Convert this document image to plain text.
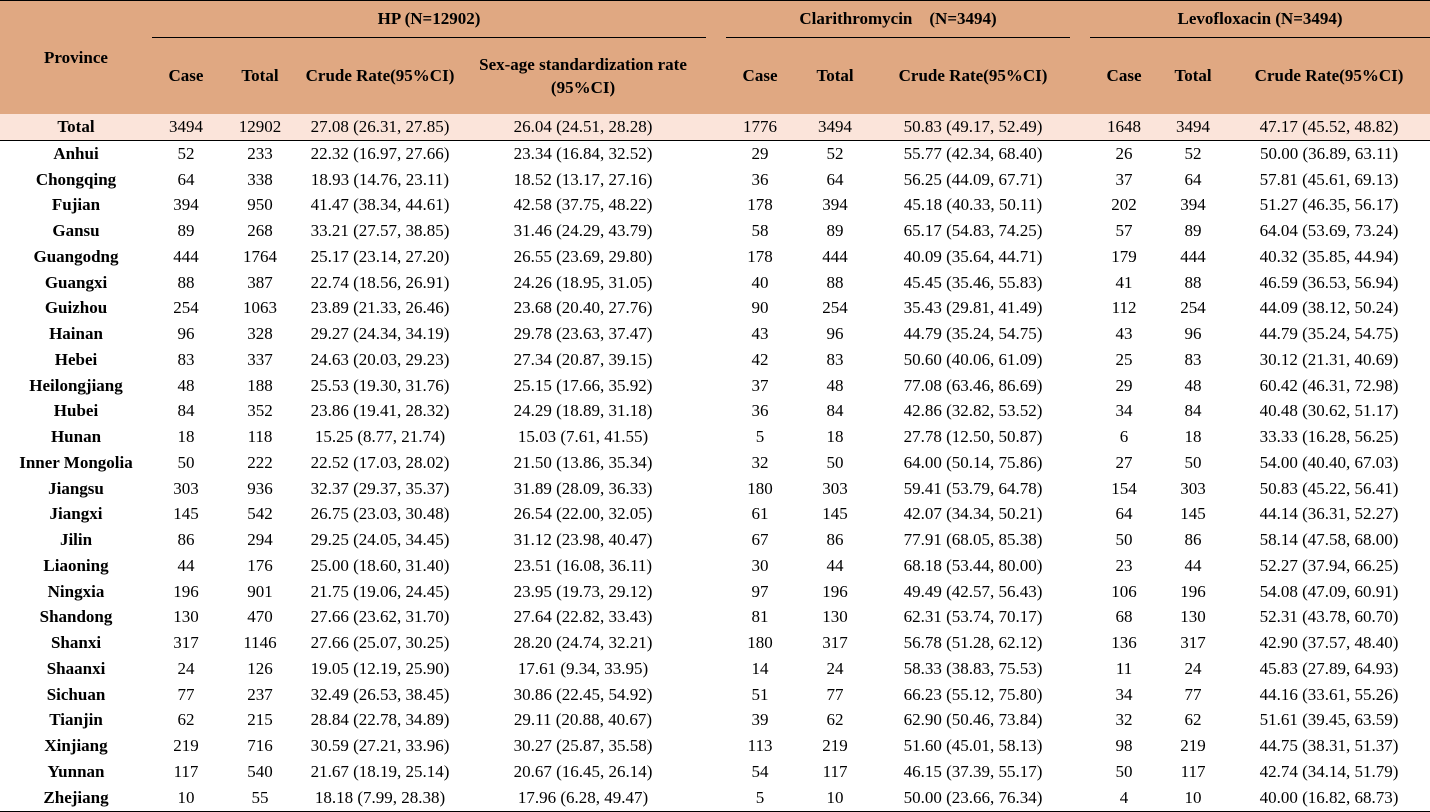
Province	HP (N=12902)					Clarithromycin    (N=3494)				Levofloxacin (N=3494)		
	Case	Total	Crude Rate(95%CI)	Sex-age standardization rate (95%CI)		Case	Total	Crude Rate(95%CI)		Case	Total	Crude Rate(95%CI)
Total	3494	12902	27.08 (26.31, 27.85)	26.04 (24.51, 28.28)		1776	3494	50.83 (49.17, 52.49)		1648	3494	47.17 (45.52, 48.82)
Anhui	52	233	22.32 (16.97, 27.66)	23.34 (16.84, 32.52)		29	52	55.77 (42.34, 68.40)		26	52	50.00 (36.89, 63.11)
Chongqing	64	338	18.93 (14.76, 23.11)	18.52 (13.17, 27.16)		36	64	56.25 (44.09, 67.71)		37	64	57.81 (45.61, 69.13)
Fujian	394	950	41.47 (38.34, 44.61)	42.58 (37.75, 48.22)		178	394	45.18 (40.33, 50.11)		202	394	51.27 (46.35, 56.17)
Gansu	89	268	33.21 (27.57, 38.85)	31.46 (24.29, 43.79)		58	89	65.17 (54.83, 74.25)		57	89	64.04 (53.69, 73.24)
Guangodng	444	1764	25.17 (23.14, 27.20)	26.55 (23.69, 29.80)		178	444	40.09 (35.64, 44.71)		179	444	40.32 (35.85, 44.94)
Guangxi	88	387	22.74 (18.56, 26.91)	24.26 (18.95, 31.05)		40	88	45.45 (35.46, 55.83)		41	88	46.59 (36.53, 56.94)
Guizhou	254	1063	23.89 (21.33, 26.46)	23.68 (20.40, 27.76)		90	254	35.43 (29.81, 41.49)		112	254	44.09 (38.12, 50.24)
Hainan	96	328	29.27 (24.34, 34.19)	29.78 (23.63, 37.47)		43	96	44.79 (35.24, 54.75)		43	96	44.79 (35.24, 54.75)
Hebei	83	337	24.63 (20.03, 29.23)	27.34 (20.87, 39.15)		42	83	50.60 (40.06, 61.09)		25	83	30.12 (21.31, 40.69)
Heilongjiang	48	188	25.53 (19.30, 31.76)	25.15 (17.66, 35.92)		37	48	77.08 (63.46, 86.69)		29	48	60.42 (46.31, 72.98)
Hubei	84	352	23.86 (19.41, 28.32)	24.29 (18.89, 31.18)		36	84	42.86 (32.82, 53.52)		34	84	40.48 (30.62, 51.17)
Hunan	18	118	15.25 (8.77, 21.74)	15.03 (7.61, 41.55)		5	18	27.78 (12.50, 50.87)		6	18	33.33 (16.28, 56.25)
Inner Mongolia	50	222	22.52 (17.03, 28.02)	21.50 (13.86, 35.34)		32	50	64.00 (50.14, 75.86)		27	50	54.00 (40.40, 67.03)
Jiangsu	303	936	32.37 (29.37, 35.37)	31.89 (28.09, 36.33)		180	303	59.41 (53.79, 64.78)		154	303	50.83 (45.22, 56.41)
Jiangxi	145	542	26.75 (23.03, 30.48)	26.54 (22.00, 32.05)		61	145	42.07 (34.34, 50.21)		64	145	44.14 (36.31, 52.27)
Jilin	86	294	29.25 (24.05, 34.45)	31.12 (23.98, 40.47)		67	86	77.91 (68.05, 85.38)		50	86	58.14 (47.58, 68.00)
Liaoning	44	176	25.00 (18.60, 31.40)	23.51 (16.08, 36.11)		30	44	68.18 (53.44, 80.00)		23	44	52.27 (37.94, 66.25)
Ningxia	196	901	21.75 (19.06, 24.45)	23.95 (19.73, 29.12)		97	196	49.49 (42.57, 56.43)		106	196	54.08 (47.09, 60.91)
Shandong	130	470	27.66 (23.62, 31.70)	27.64 (22.82, 33.43)		81	130	62.31 (53.74, 70.17)		68	130	52.31 (43.78, 60.70)
Shanxi	317	1146	27.66 (25.07, 30.25)	28.20 (24.74, 32.21)		180	317	56.78 (51.28, 62.12)		136	317	42.90 (37.57, 48.40)
Shaanxi	24	126	19.05 (12.19, 25.90)	17.61 (9.34, 33.95)		14	24	58.33 (38.83, 75.53)		11	24	45.83 (27.89, 64.93)
Sichuan	77	237	32.49 (26.53, 38.45)	30.86 (22.45, 54.92)		51	77	66.23 (55.12, 75.80)		34	77	44.16 (33.61, 55.26)
Tianjin	62	215	28.84 (22.78, 34.89)	29.11 (20.88, 40.67)		39	62	62.90 (50.46, 73.84)		32	62	51.61 (39.45, 63.59)
Xinjiang	219	716	30.59 (27.21, 33.96)	30.27 (25.87, 35.58)		113	219	51.60 (45.01, 58.13)		98	219	44.75 (38.31, 51.37)
Yunnan	117	540	21.67 (18.19, 25.14)	20.67 (16.45, 26.14)		54	117	46.15 (37.39, 55.17)		50	117	42.74 (34.14, 51.79)
Zhejiang	10	55	18.18 (7.99, 28.38)	17.96 (6.28, 49.47)		5	10	50.00 (23.66, 76.34)		4	10	40.00 (16.82, 68.73)
